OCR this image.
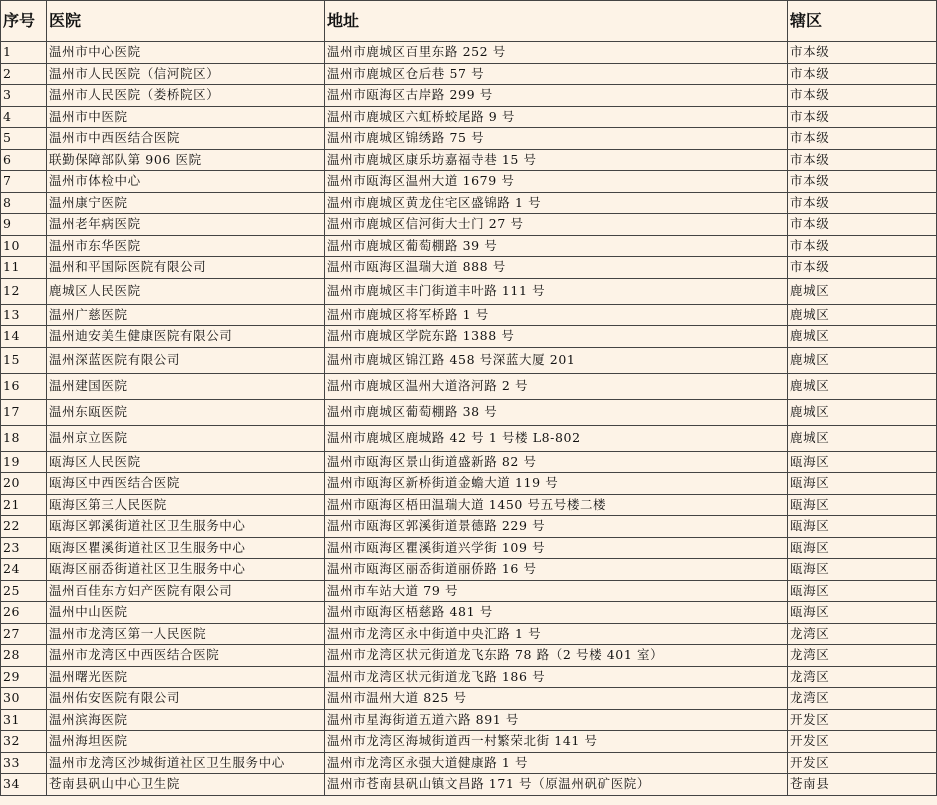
序号	医院	地址	辖区
1	温州市中心医院	温州市鹿城区百里东路 252 号	市本级
2	温州市人民医院（信河院区）	温州市鹿城区仓后巷 57 号	市本级
3	温州市人民医院（娄桥院区）	温州市瓯海区古岸路 299 号	市本级
4	温州市中医院	温州市鹿城区六虹桥蛟尾路 9 号	市本级
5	温州市中西医结合医院	温州市鹿城区锦绣路 75 号	市本级
6	联勤保障部队第 906 医院	温州市鹿城区康乐坊嘉福寺巷 15 号	市本级
7	温州市体检中心	温州市瓯海区温州大道 1679 号	市本级
8	温州康宁医院	温州市鹿城区黄龙住宅区盛锦路 1 号	市本级
9	温州老年病医院	温州市鹿城区信河街大士门 27 号	市本级
10	温州市东华医院	温州市鹿城区葡萄棚路 39 号	市本级
11	温州和平国际医院有限公司	温州市瓯海区温瑞大道 888 号	市本级
12	鹿城区人民医院	温州市鹿城区丰门街道丰叶路 111 号	鹿城区
13	温州广慈医院	温州市鹿城区将军桥路 1 号	鹿城区
14	温州迪安美生健康医院有限公司	温州市鹿城区学院东路 1388 号	鹿城区
15	温州深蓝医院有限公司	温州市鹿城区锦江路 458 号深蓝大厦 201	鹿城区
16	温州建国医院	温州市鹿城区温州大道洛河路 2 号	鹿城区
17	温州东瓯医院	温州市鹿城区葡萄棚路 38 号	鹿城区
18	温州京立医院	温州市鹿城区鹿城路 42 号 1 号楼 L8-802	鹿城区
19	瓯海区人民医院	温州市瓯海区景山街道盛新路 82 号	瓯海区
20	瓯海区中西医结合医院	温州市瓯海区新桥街道金蟾大道 119 号	瓯海区
21	瓯海区第三人民医院	温州市瓯海区梧田温瑞大道 1450 号五号楼二楼	瓯海区
22	瓯海区郭溪街道社区卫生服务中心	温州市瓯海区郭溪街道景德路 229 号	瓯海区
23	瓯海区瞿溪街道社区卫生服务中心	温州市瓯海区瞿溪街道兴学街 109 号	瓯海区
24	瓯海区丽岙街道社区卫生服务中心	温州市瓯海区丽岙街道丽侨路 16 号	瓯海区
25	温州百佳东方妇产医院有限公司	温州市车站大道 79 号	瓯海区
26	温州中山医院	温州市瓯海区梧慈路 481 号	瓯海区
27	温州市龙湾区第一人民医院	温州市龙湾区永中街道中央汇路 1 号	龙湾区
28	温州市龙湾区中西医结合医院	温州市龙湾区状元街道龙飞东路 78 路（2 号楼 401 室）	龙湾区
29	温州曙光医院	温州市龙湾区状元街道龙飞路 186 号	龙湾区
30	温州佑安医院有限公司	温州市温州大道 825 号	龙湾区
31	温州滨海医院	温州市星海街道五道六路 891 号	开发区
32	温州海坦医院	温州市龙湾区海城街道西一村繁荣北街 141 号	开发区
33	温州市龙湾区沙城街道社区卫生服务中心	温州市龙湾区永强大道健康路 1 号	开发区
34	苍南县矾山中心卫生院	温州市苍南县矾山镇文昌路 171 号（原温州矾矿医院）	苍南县
